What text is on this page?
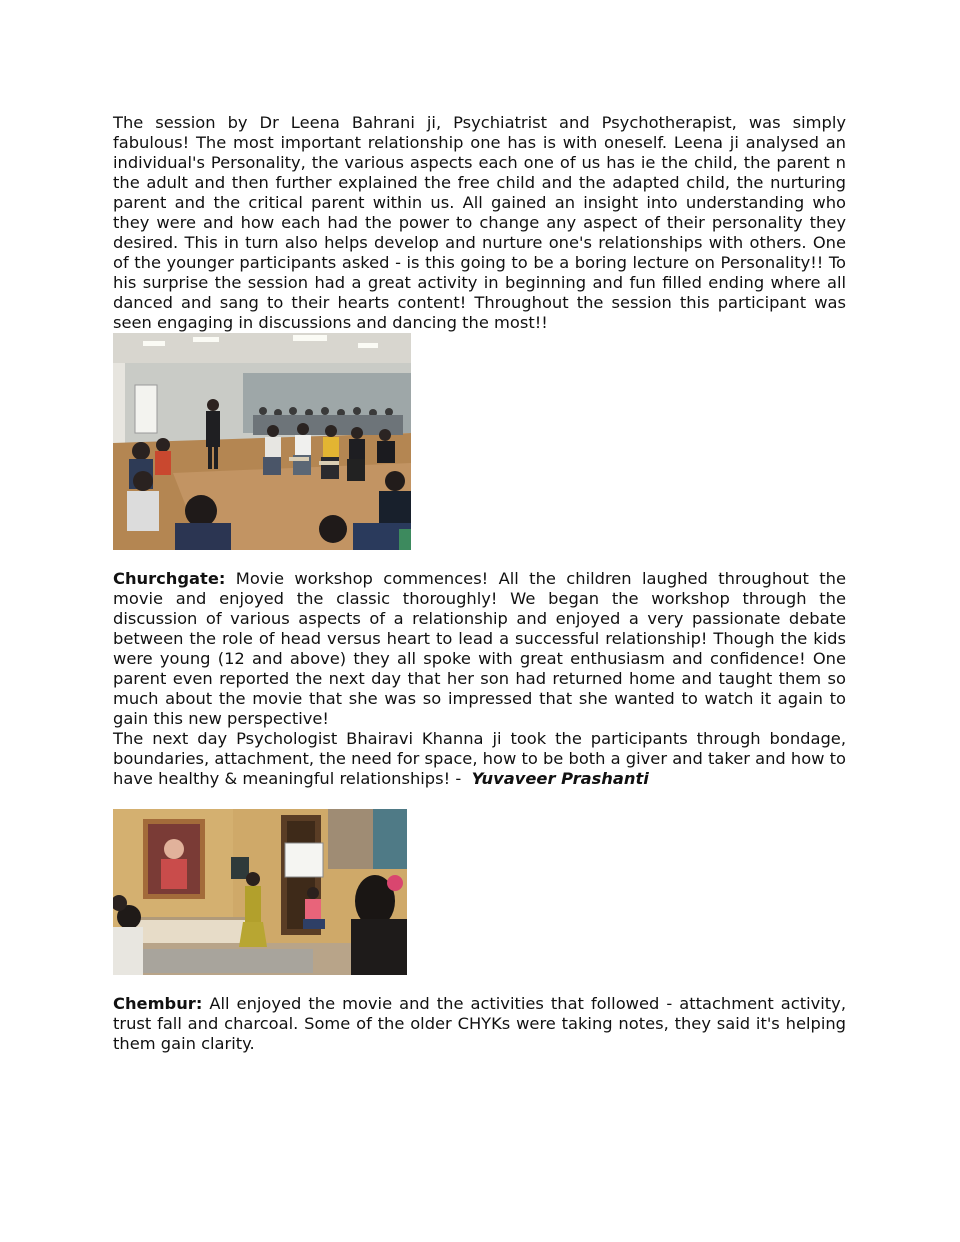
The session by Dr Leena Bahrani ji, Psychiatrist and Psychotherapist, was simply fabulous! The most important relationship one has is with oneself. Leena ji analysed an individual's Personality, the various aspects each one of us has ie the child, the parent n the adult and then further explained the free child and the adapted child, the nurturing parent and the critical parent within us. All gained an insight into understanding who they were and how each had the power to change any aspect of their personality they desired. This in turn also helps develop and nurture one's relationships with others. One of the younger participants asked - is this going to be a boring lecture on Personality!! To his surprise the session had a great activity in beginning and fun filled ending where all danced and sang to their hearts content! Throughout the session this participant was seen engaging in discussions and dancing the most!!

Churchgate: Movie workshop commences! All the children laughed throughout the movie and enjoyed the classic thoroughly! We began the workshop through the discussion of various aspects of a relationship and enjoyed a very passionate debate between the role of head versus heart to lead a successful relationship! Though the kids were young (12 and above) they all spoke with great enthusiasm and confidence! One parent even reported the next day that her son had returned home and taught them so much about the movie that she was so impressed that she wanted to watch it again to gain this new perspective!

The next day Psychologist Bhairavi Khanna ji took the participants through bondage, boundaries, attachment, the need for space, how to be both a giver and taker and how to have healthy & meaningful relationships! -  Yuvaveer Prashanti

Chembur: All enjoyed the movie and the activities that followed - attachment activity, trust fall and charcoal. Some of the older CHYKs were taking notes, they said it's helping them gain clarity.
